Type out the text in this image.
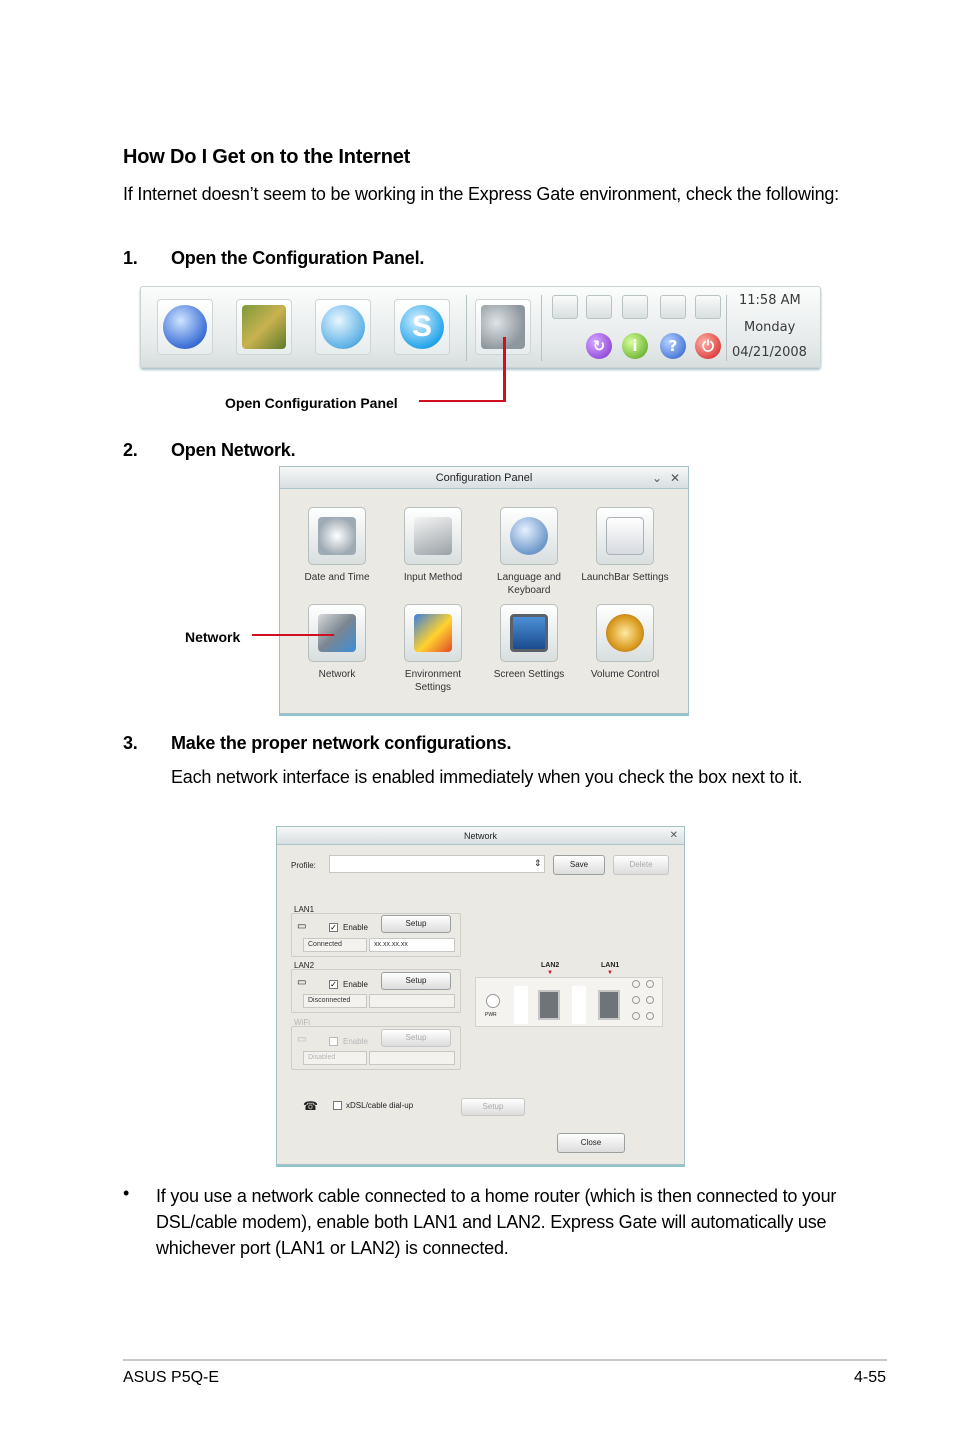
How Do I Get on to the Internet
If Internet doesn’t seem to be working in the Express Gate environment, check the following:
1. Open the Configuration Panel.
S
↻	i	?	⏻
11:58 AM
Monday
04/21/2008
Open Configuration Panel
2. Open Network.
Configuration Panel	⌄ ✕
Date and Time	Input Method	Language and Keyboard
LaunchBar Settings
Network	Environment Settings
Screen Settings	Volume Control
Network
3. Make the proper network configurations.
Each network interface is enabled immediately when you check the box next to it.
Network	✕
Profile:	⇕	Save	Delete
LAN1
▭	✓ Enable	Setup
Connected	xx.xx.xx.xx
LAN2
▭	✓ Enable	Setup
Disconnected
WiFi
▭	Enable	Setup
Disabled
PWR
LAN2
▼
LAN1
▼
☎	xDSL/cable dial-up	Setup
Close
• If you use a network cable connected to a home router (which is then connected to your DSL/cable modem), enable both LAN1 and LAN2. Express Gate will automatically use whichever port (LAN1 or LAN2) is connected.
ASUS P5Q-E	4-55
